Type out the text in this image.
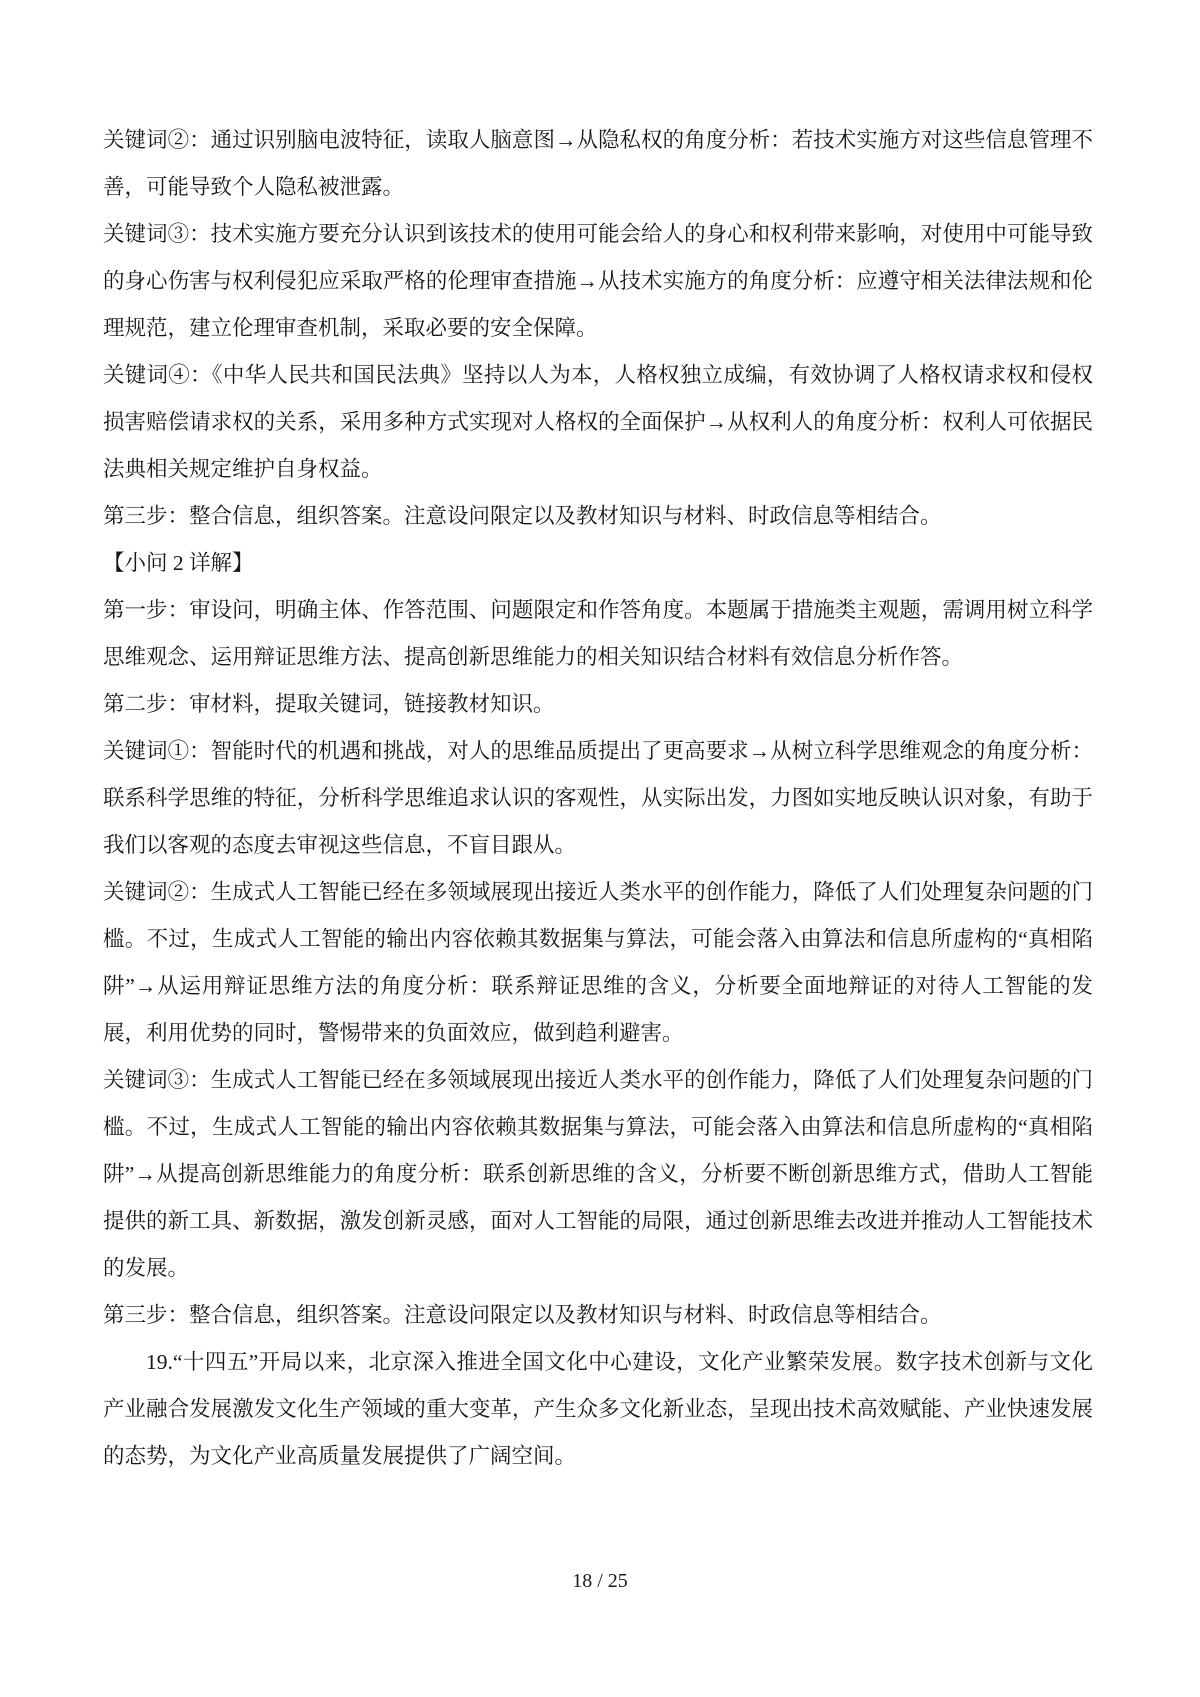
关键词②：通过识别脑电波特征，读取人脑意图→从隐私权的角度分析：若技术实施方对这些信息管理不善，可能导致个人隐私被泄露。

关键词③：技术实施方要充分认识到该技术的使用可能会给人的身心和权利带来影响，对使用中可能导致的身心伤害与权利侵犯应采取严格的伦理审查措施→从技术实施方的角度分析：应遵守相关法律法规和伦理规范，建立伦理审查机制，采取必要的安全保障。

关键词④：《中华人民共和国民法典》坚持以人为本，人格权独立成编，有效协调了人格权请求权和侵权损害赔偿请求权的关系，采用多种方式实现对人格权的全面保护→从权利人的角度分析：权利人可依据民法典相关规定维护自身权益。

第三步：整合信息，组织答案。注意设问限定以及教材知识与材料、时政信息等相结合。

【小问 2 详解】

第一步：审设问，明确主体、作答范围、问题限定和作答角度。本题属于措施类主观题，需调用树立科学思维观念、运用辩证思维方法、提高创新思维能力的相关知识结合材料有效信息分析作答。

第二步：审材料，提取关键词，链接教材知识。

关键词①：智能时代的机遇和挑战，对人的思维品质提出了更高要求→从树立科学思维观念的角度分析：联系科学思维的特征，分析科学思维追求认识的客观性，从实际出发，力图如实地反映认识对象，有助于我们以客观的态度去审视这些信息，不盲目跟从。

关键词②：生成式人工智能已经在多领域展现出接近人类水平的创作能力，降低了人们处理复杂问题的门槛。不过，生成式人工智能的输出内容依赖其数据集与算法，可能会落入由算法和信息所虚构的“真相陷阱”→从运用辩证思维方法的角度分析：联系辩证思维的含义，分析要全面地辩证的对待人工智能的发展，利用优势的同时，警惕带来的负面效应，做到趋利避害。

关键词③：生成式人工智能已经在多领域展现出接近人类水平的创作能力，降低了人们处理复杂问题的门槛。不过，生成式人工智能的输出内容依赖其数据集与算法，可能会落入由算法和信息所虚构的“真相陷阱”→从提高创新思维能力的角度分析：联系创新思维的含义，分析要不断创新思维方式，借助人工智能提供的新工具、新数据，激发创新灵感，面对人工智能的局限，通过创新思维去改进并推动人工智能技术的发展。

第三步：整合信息，组织答案。注意设问限定以及教材知识与材料、时政信息等相结合。

19.“十四五”开局以来，北京深入推进全国文化中心建设，文化产业繁荣发展。数字技术创新与文化产业融合发展激发文化生产领域的重大变革，产生众多文化新业态，呈现出技术高效赋能、产业快速发展的态势，为文化产业高质量发展提供了广阔空间。

18 / 25
